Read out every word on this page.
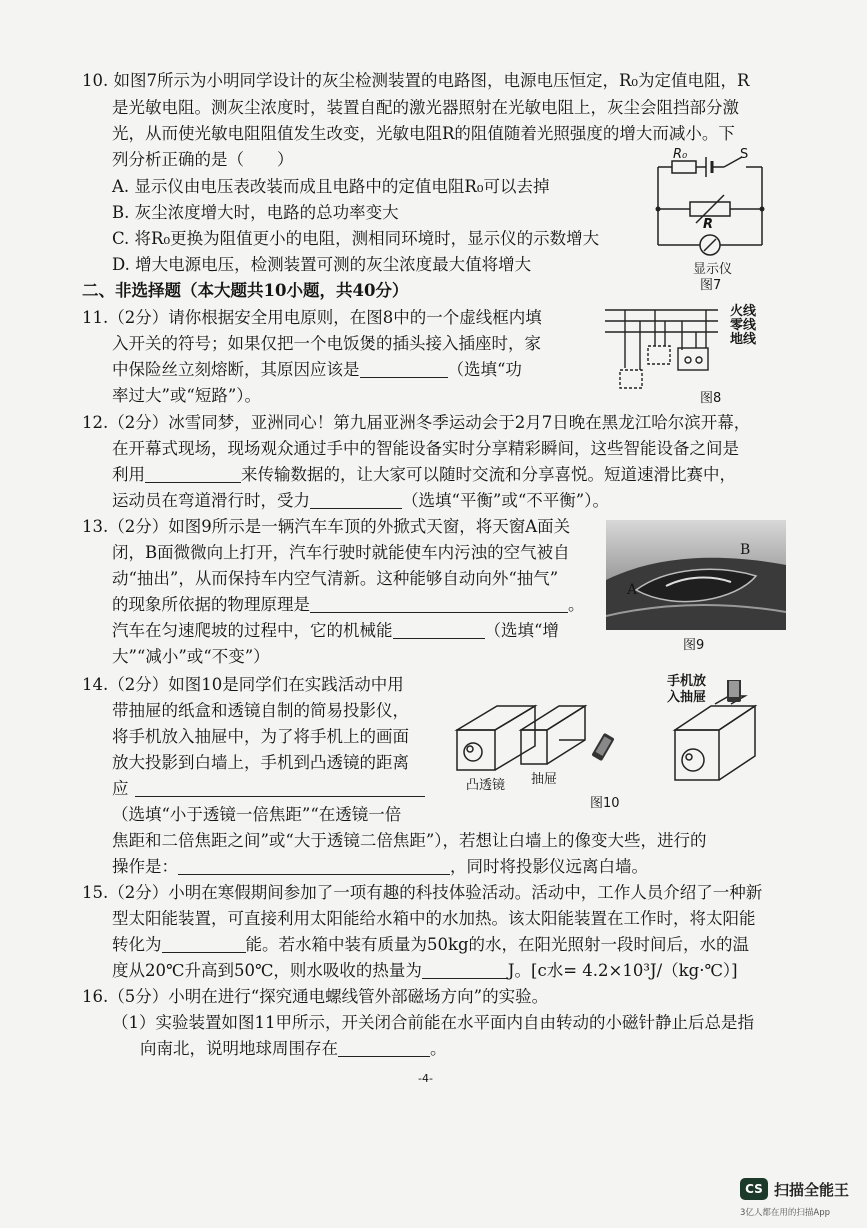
10. 如图7所示为小明同学设计的灰尘检测装置的电路图，电源电压恒定，R₀为定值电阻，R
是光敏电阻。测灰尘浓度时，装置自配的激光器照射在光敏电阻上，灰尘会阻挡部分激
光，从而使光敏电阻阻值发生改变，光敏电阻R的阻值随着光照强度的增大而减小。下
列分析正确的是（　　）
A. 显示仪由电压表改装而成且电路中的定值电阻R₀可以去掉
B. 灰尘浓度增大时，电路的总功率变大
C. 将R₀更换为阻值更小的电阻，测相同环境时，显示仪的示数增大
D. 增大电源电压，检测装置可测的灰尘浓度最大值将增大
R₀	S
R
显示仪
图7
二、非选择题（本大题共10小题，共40分）
11.（2分）请你根据安全用电原则，在图8中的一个虚线框内填
入开关的符号；如果仅把一个电饭煲的插头接入插座时，家
中保险丝立刻熔断，其原因应该是	（选填“功
率过大”或“短路”）。
火线
零线
地线
图8
12.（2分）冰雪同梦，亚洲同心！第九届亚洲冬季运动会于2月7日晚在黑龙江哈尔滨开幕，
在开幕式现场，现场观众通过手中的智能设备实时分享精彩瞬间，这些智能设备之间是
利用	来传输数据的，让大家可以随时交流和分享喜悦。短道速滑比赛中，
运动员在弯道滑行时，受力	（选填“平衡”或“不平衡”）。
13.（2分）如图9所示是一辆汽车车顶的外掀式天窗，将天窗A面关
闭，B面微微向上打开，汽车行驶时就能使车内污浊的空气被自
动“抽出”，从而保持车内空气清新。这种能够自动向外“抽气”
的现象所依据的物理原理是	。
汽车在匀速爬坡的过程中，它的机械能	（选填“增
大”“减小”或“不变”）
A
B
图9
14.（2分）如图10是同学们在实践活动中用
带抽屉的纸盒和透镜自制的简易投影仪，
将手机放入抽屉中，为了将手机上的画面
放大投影到白墙上，手机到凸透镜的距离
应
（选填“小于透镜一倍焦距”“在透镜一倍
焦距和二倍焦距之间”或“大于透镜二倍焦距”），若想让白墙上的像变大些，进行的
操作是：	，同时将投影仪远离白墙。
凸透镜 抽屉
手机放
入抽屉
图10
15.（2分）小明在寒假期间参加了一项有趣的科技体验活动。活动中，工作人员介绍了一种新
型太阳能装置，可直接利用太阳能给水箱中的水加热。该太阳能装置在工作时，将太阳能
转化为	能。若水箱中装有质量为50kg的水，在阳光照射一段时间后，水的温
度从20℃升高到50℃，则水吸收的热量为	J。[c水= 4.2×10³J/（kg·℃）]
16.（5分）小明在进行“探究通电螺线管外部磁场方向”的实验。
（1）实验装置如图11甲所示，开关闭合前能在水平面内自由转动的小磁针静止后总是指
向南北，说明地球周围存在	。
-4-
CS 扫描全能王
3亿人都在用的扫描App
